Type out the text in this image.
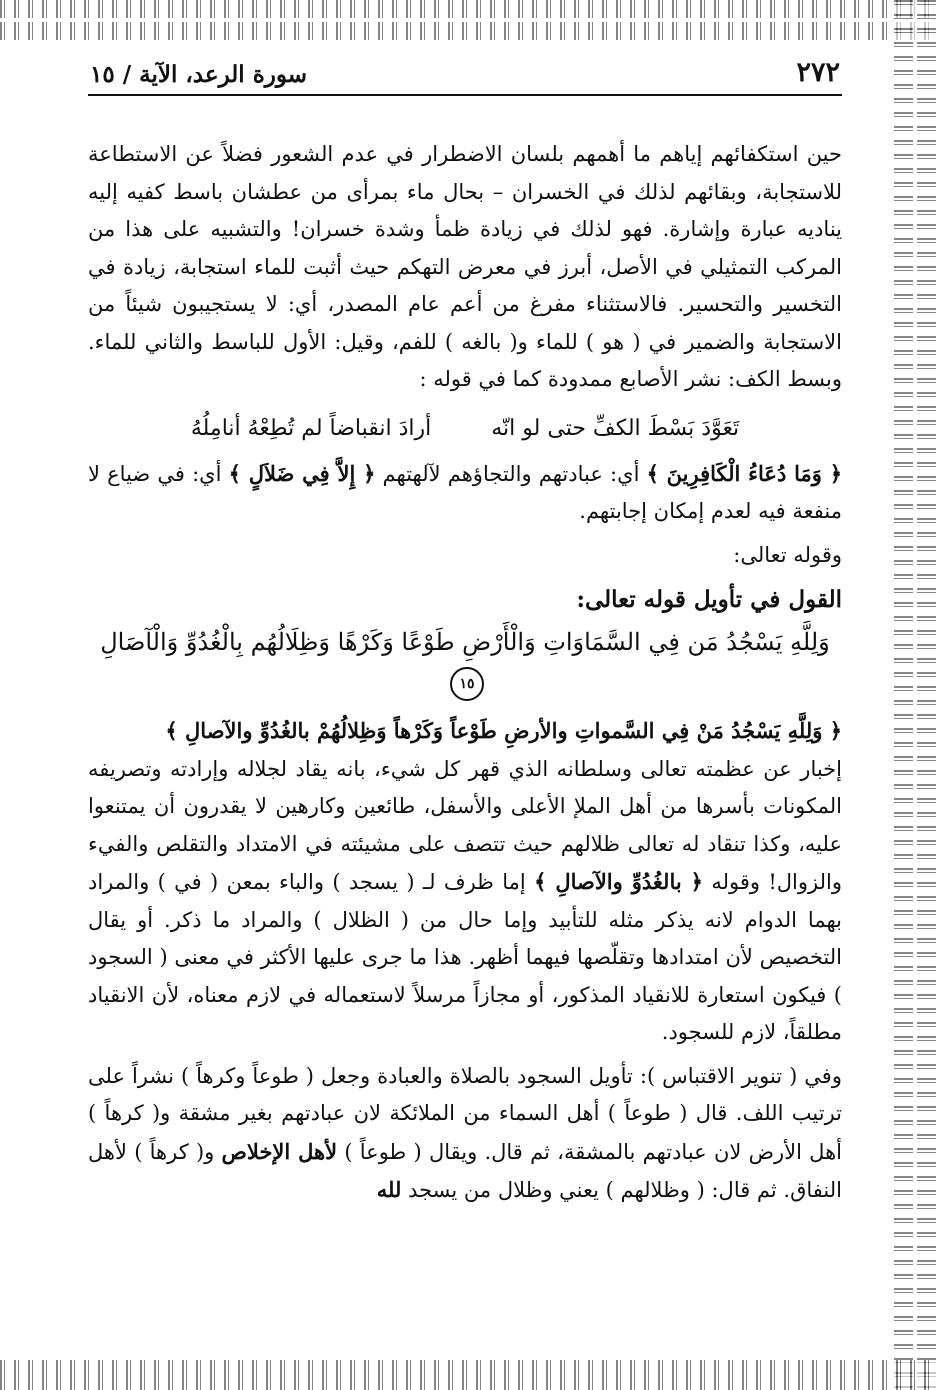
٢٧٢
سورة الرعد، الآية / ١٥

حين استكفائهم إياهم ما أهمهم بلسان الاضطرار في عدم الشعور فضلاً عن الاستطاعة للاستجابة، وبقائهم لذلك في الخسران – بحال ماء بمرأى من عطشان باسط كفيه إليه يناديه عبارة وإشارة. فهو لذلك في زيادة ظمأ وشدة خسران! والتشبيه على هذا من المركب التمثيلي في الأصل، أبرز في معرض التهكم حيث أثبت للماء استجابة، زيادة في التخسير والتحسير. فالاستثناء مفرغ من أعم عام المصدر، أي: لا يستجيبون شيئاً من الاستجابة والضمير في ( هو ) للماء و( بالغه ) للفم، وقيل: الأول للباسط والثاني للماء. وبسط الكف: نشر الأصابع ممدودة كما في قوله :

تَعَوَّدَ بَسْطَ الكفِّ حتى لو انّه
أرادَ انقباضاً لم تُطِعْهُ أنامِلُهُ

﴿ وَمَا دُعَاءُ الْكَافِرِينَ ﴾ أي: عبادتهم والتجاؤهم لآلهتهم ﴿ إِلاَّ فِي ضَلاَلٍ ﴾ أي: في ضياع لا منفعة فيه لعدم إمكان إجابتهم.

وقوله تعالى:

القول في تأويل قوله تعالى:
وَلِلَّهِ يَسْجُدُ مَن فِي السَّمَاوَاتِ وَالْأَرْضِ طَوْعًا وَكَرْهًا وَظِلَالُهُم بِالْغُدُوِّ وَالْآصَالِ ١٥

﴿ وَلِلَّهِ يَسْجُدُ مَنْ فِي السَّمواتِ والأرضِ طَوْعاً وَكَرْهاً وَظِلالُهُمْ بالغُدُوِّ والآصالِ ﴾
إخبار عن عظمته تعالى وسلطانه الذي قهر كل شيء، بانه يقاد لجلاله وإرادته وتصريفه المكونات بأسرها من أهل الملإ الأعلى والأسفل، طائعين وكارهين لا يقدرون أن يمتنعوا عليه، وكذا تنقاد له تعالى ظلالهم حيث تتصف على مشيئته في الامتداد والتقلص والفيء والزوال! وقوله ﴿ بالغُدُوِّ والآصالِ ﴾ إما ظرف لـ ( يسجد ) والباء بمعن ( في ) والمراد بهما الدوام لانه يذكر مثله للتأبيد وإما حال من ( الظلال ) والمراد ما ذكر. أو يقال التخصيص لأن امتدادها وتقلّصها فيهما أظهر. هذا ما جرى عليها الأكثر في معنى ( السجود ) فيكون استعارة للانقياد المذكور، أو مجازاً مرسلاً لاستعماله في لازم معناه، لأن الانقياد مطلقاً، لازم للسجود.

وفي ( تنوير الاقتباس ): تأويل السجود بالصلاة والعبادة وجعل ( طوعاً وكرهاً ) نشراً على ترتيب اللف. قال ( طوعاً ) أهل السماء من الملائكة لان عبادتهم بغير مشقة و( كرهاً ) أهل الأرض لان عبادتهم بالمشقة، ثم قال. ويقال ( طوعاً ) لأهل الإخلاص و( كرهاً ) لأهل النفاق. ثم قال: ( وظلالهم ) يعني وظلال من يسجد لله
